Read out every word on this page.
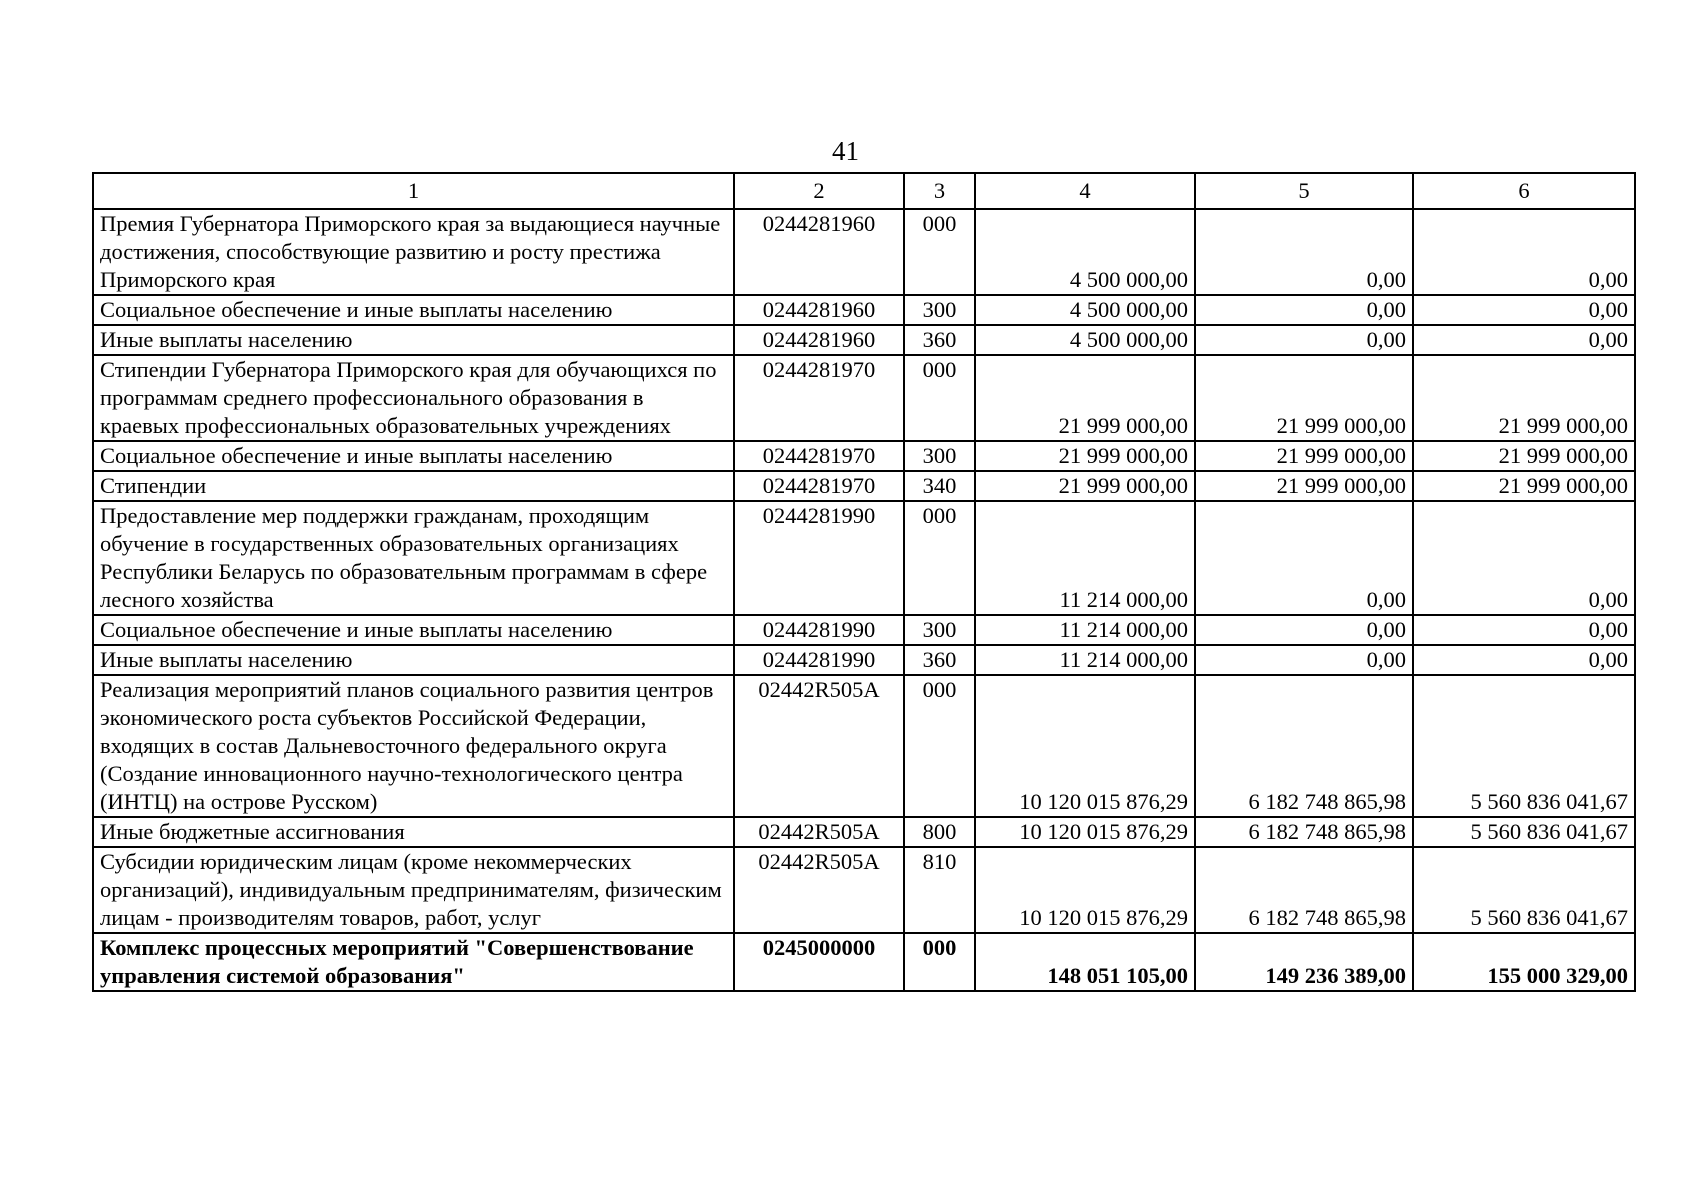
41
1	2	3	4	5	6
Премия Губернатора Приморского края за выдающиеся научные достижения, способствующие развитию и росту престижа Приморского края	0244281960	000	4 500 000,00	0,00	0,00
Социальное обеспечение и иные выплаты населению	0244281960	300	4 500 000,00	0,00	0,00
Иные выплаты населению	0244281960	360	4 500 000,00	0,00	0,00
Стипендии Губернатора Приморского края для обучающихся по программам среднего профессионального образования в краевых профессиональных образовательных учреждениях	0244281970	000	21 999 000,00	21 999 000,00	21 999 000,00
Социальное обеспечение и иные выплаты населению	0244281970	300	21 999 000,00	21 999 000,00	21 999 000,00
Стипендии	0244281970	340	21 999 000,00	21 999 000,00	21 999 000,00
Предоставление мер поддержки гражданам, проходящим обучение в государственных образовательных организациях Республики Беларусь по образовательным программам в сфере лесного хозяйства	0244281990	000	11 214 000,00	0,00	0,00
Социальное обеспечение и иные выплаты населению	0244281990	300	11 214 000,00	0,00	0,00
Иные выплаты населению	0244281990	360	11 214 000,00	0,00	0,00
Реализация мероприятий планов социального развития центров экономического роста субъектов Российской Федерации, входящих в состав Дальневосточного федерального округа (Создание инновационного научно-технологического центра (ИНТЦ) на острове Русском)	02442R505A	000	10 120 015 876,29	6 182 748 865,98	5 560 836 041,67
Иные бюджетные ассигнования	02442R505A	800	10 120 015 876,29	6 182 748 865,98	5 560 836 041,67
Субсидии юридическим лицам (кроме некоммерческих организаций), индивидуальным предпринимателям, физическим лицам - производителям товаров, работ, услуг	02442R505A	810	10 120 015 876,29	6 182 748 865,98	5 560 836 041,67
Комплекс процессных мероприятий "Совершенствование управления системой образования"	0245000000	000	148 051 105,00	149 236 389,00	155 000 329,00
